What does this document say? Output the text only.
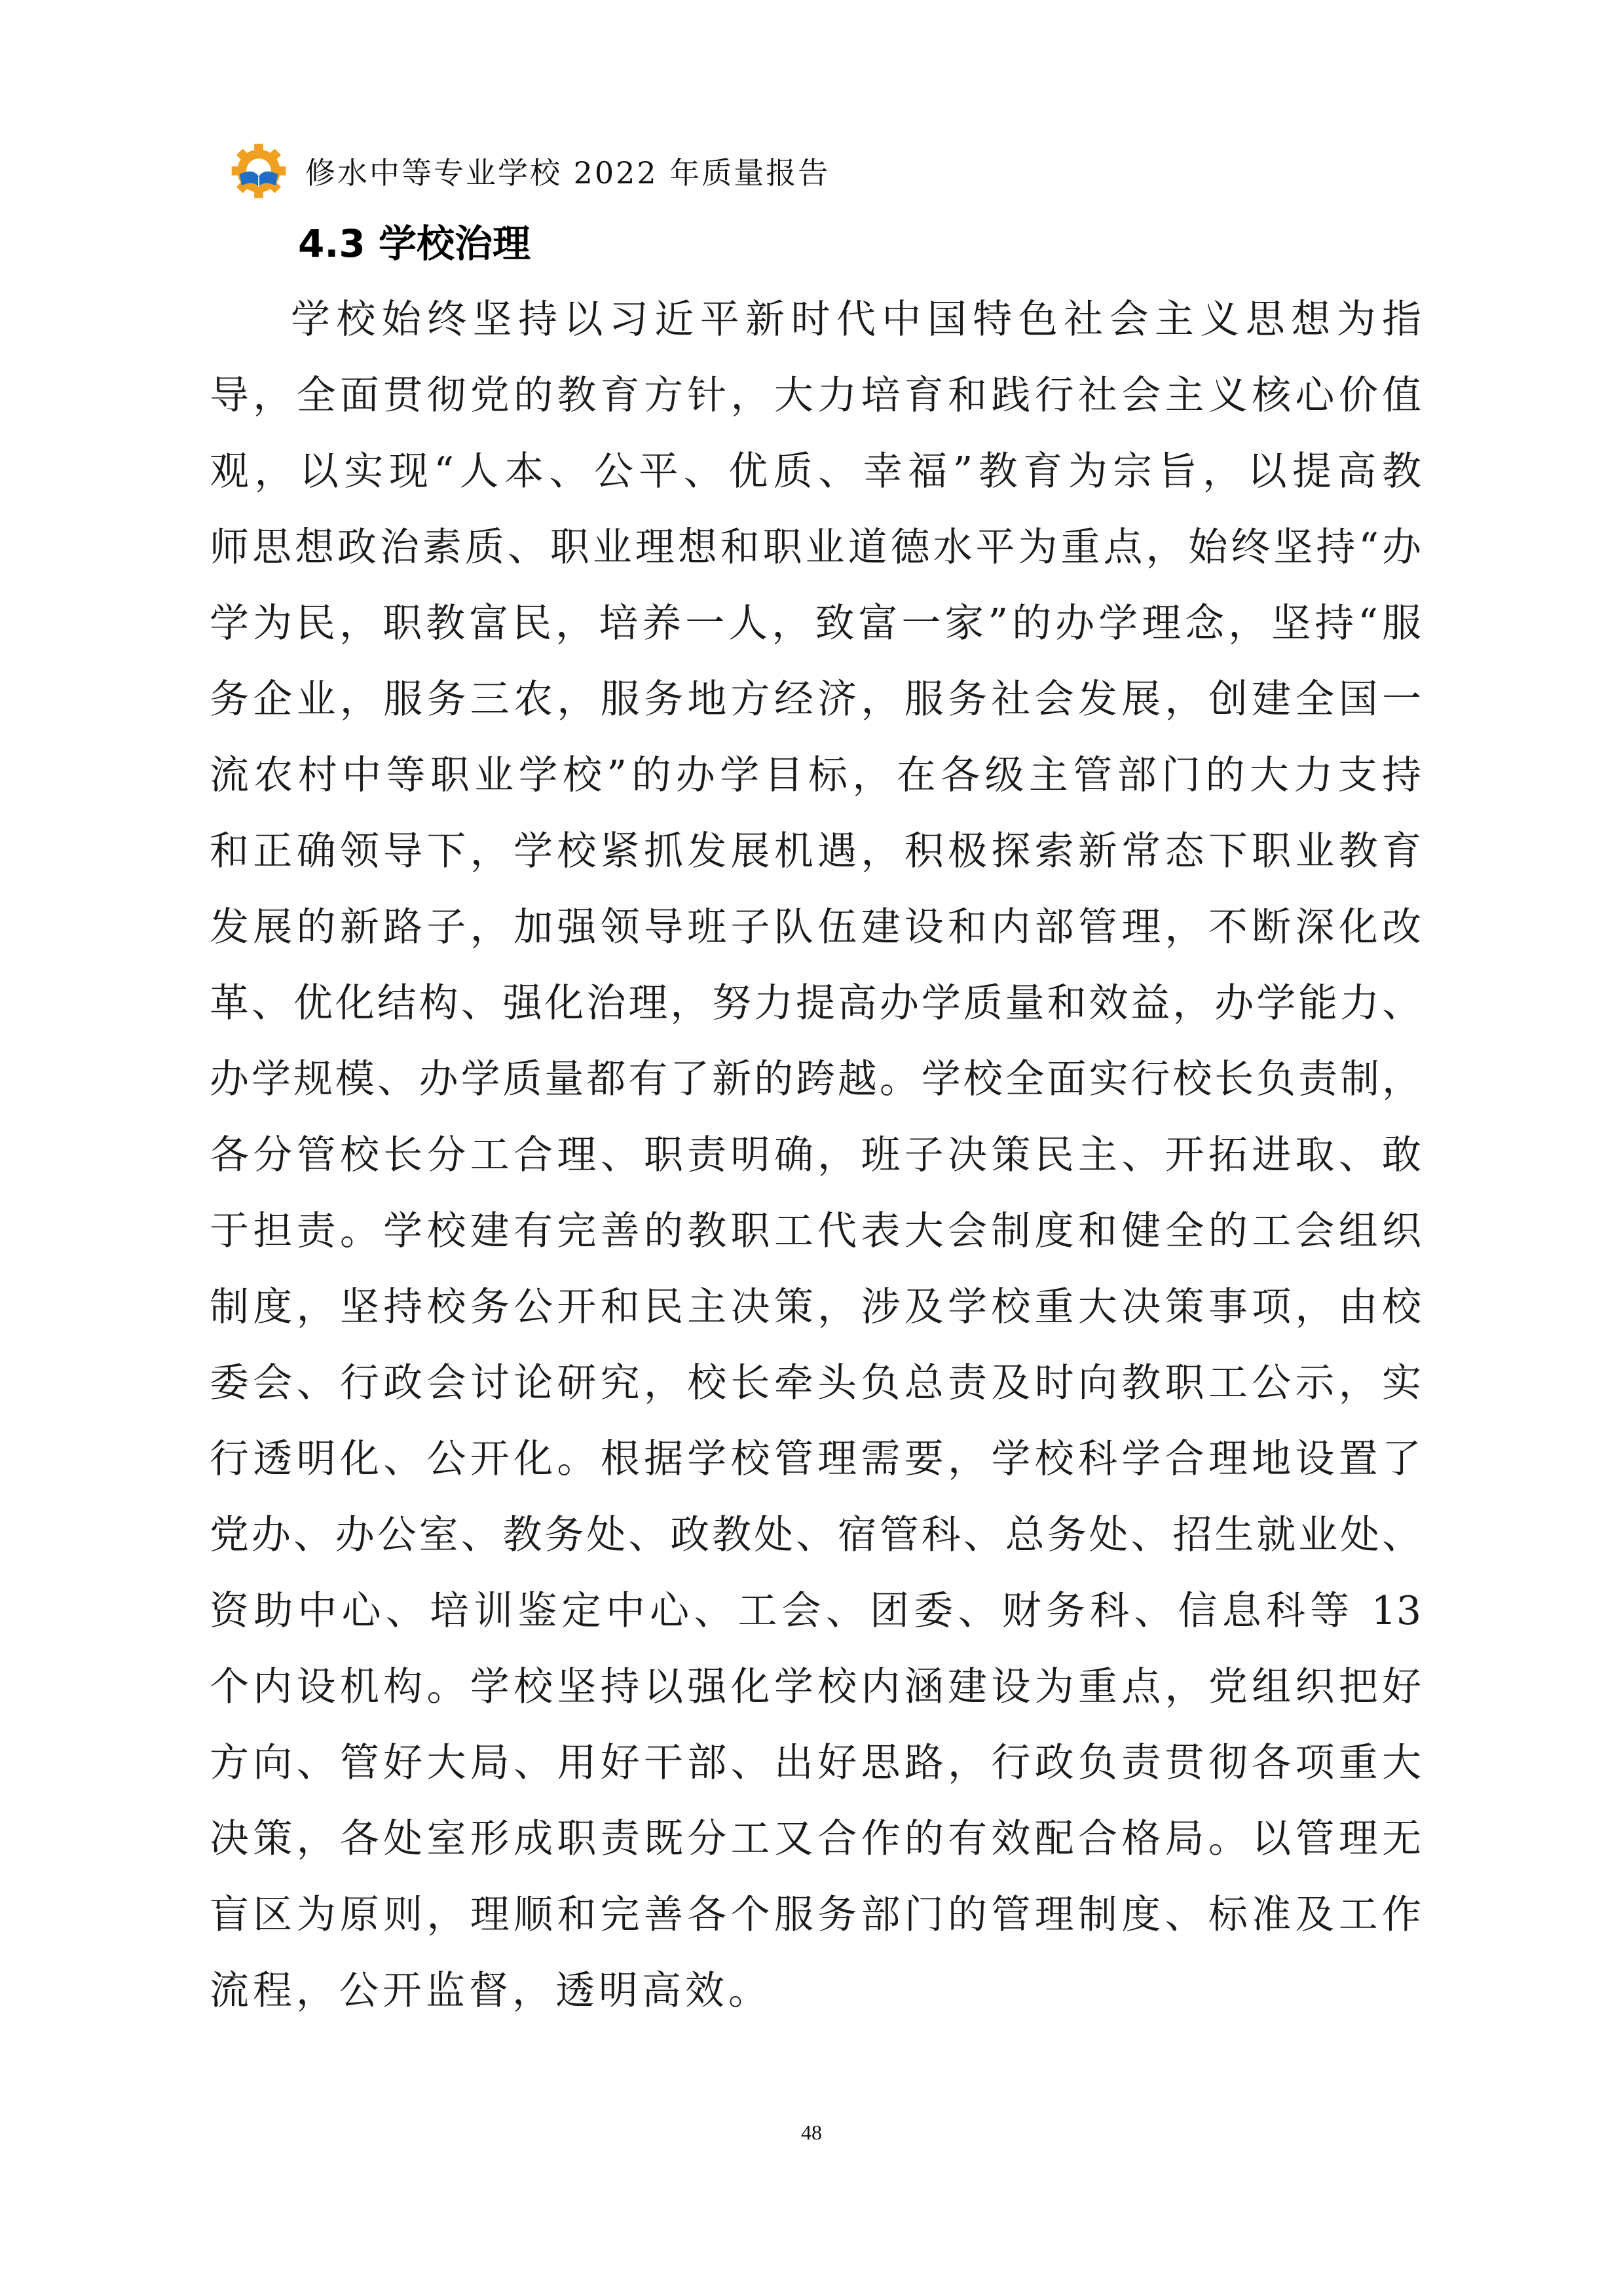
修水中等专业学校 2022 年质量报告
4.3 学校治理
学校始终坚持以习近平新时代中国特色社会主义思想为指
导，全面贯彻党的教育方针，大力培育和践行社会主义核心价值
观，以实现“人本、公平、优质、幸福”教育为宗旨，以提高教
师思想政治素质、职业理想和职业道德水平为重点，始终坚持“办
学为民，职教富民，培养一人，致富一家”的办学理念，坚持“服
务企业，服务三农，服务地方经济，服务社会发展，创建全国一
流农村中等职业学校”的办学目标，在各级主管部门的大力支持
和正确领导下，学校紧抓发展机遇，积极探索新常态下职业教育
发展的新路子，加强领导班子队伍建设和内部管理，不断深化改
革、优化结构、强化治理，努力提高办学质量和效益，办学能力、
办学规模、办学质量都有了新的跨越。学校全面实行校长负责制，
各分管校长分工合理、职责明确，班子决策民主、开拓进取、敢
于担责。学校建有完善的教职工代表大会制度和健全的工会组织
制度，坚持校务公开和民主决策，涉及学校重大决策事项，由校
委会、行政会讨论研究，校长牵头负总责及时向教职工公示，实
行透明化、公开化。根据学校管理需要，学校科学合理地设置了
党办、办公室、教务处、政教处、宿管科、总务处、招生就业处、
资助中心、培训鉴定中心、工会、团委、财务科、信息科等 13
个内设机构。学校坚持以强化学校内涵建设为重点，党组织把好
方向、管好大局、用好干部、出好思路，行政负责贯彻各项重大
决策，各处室形成职责既分工又合作的有效配合格局。以管理无
盲区为原则，理顺和完善各个服务部门的管理制度、标准及工作
流程，公开监督，透明高效。
48
